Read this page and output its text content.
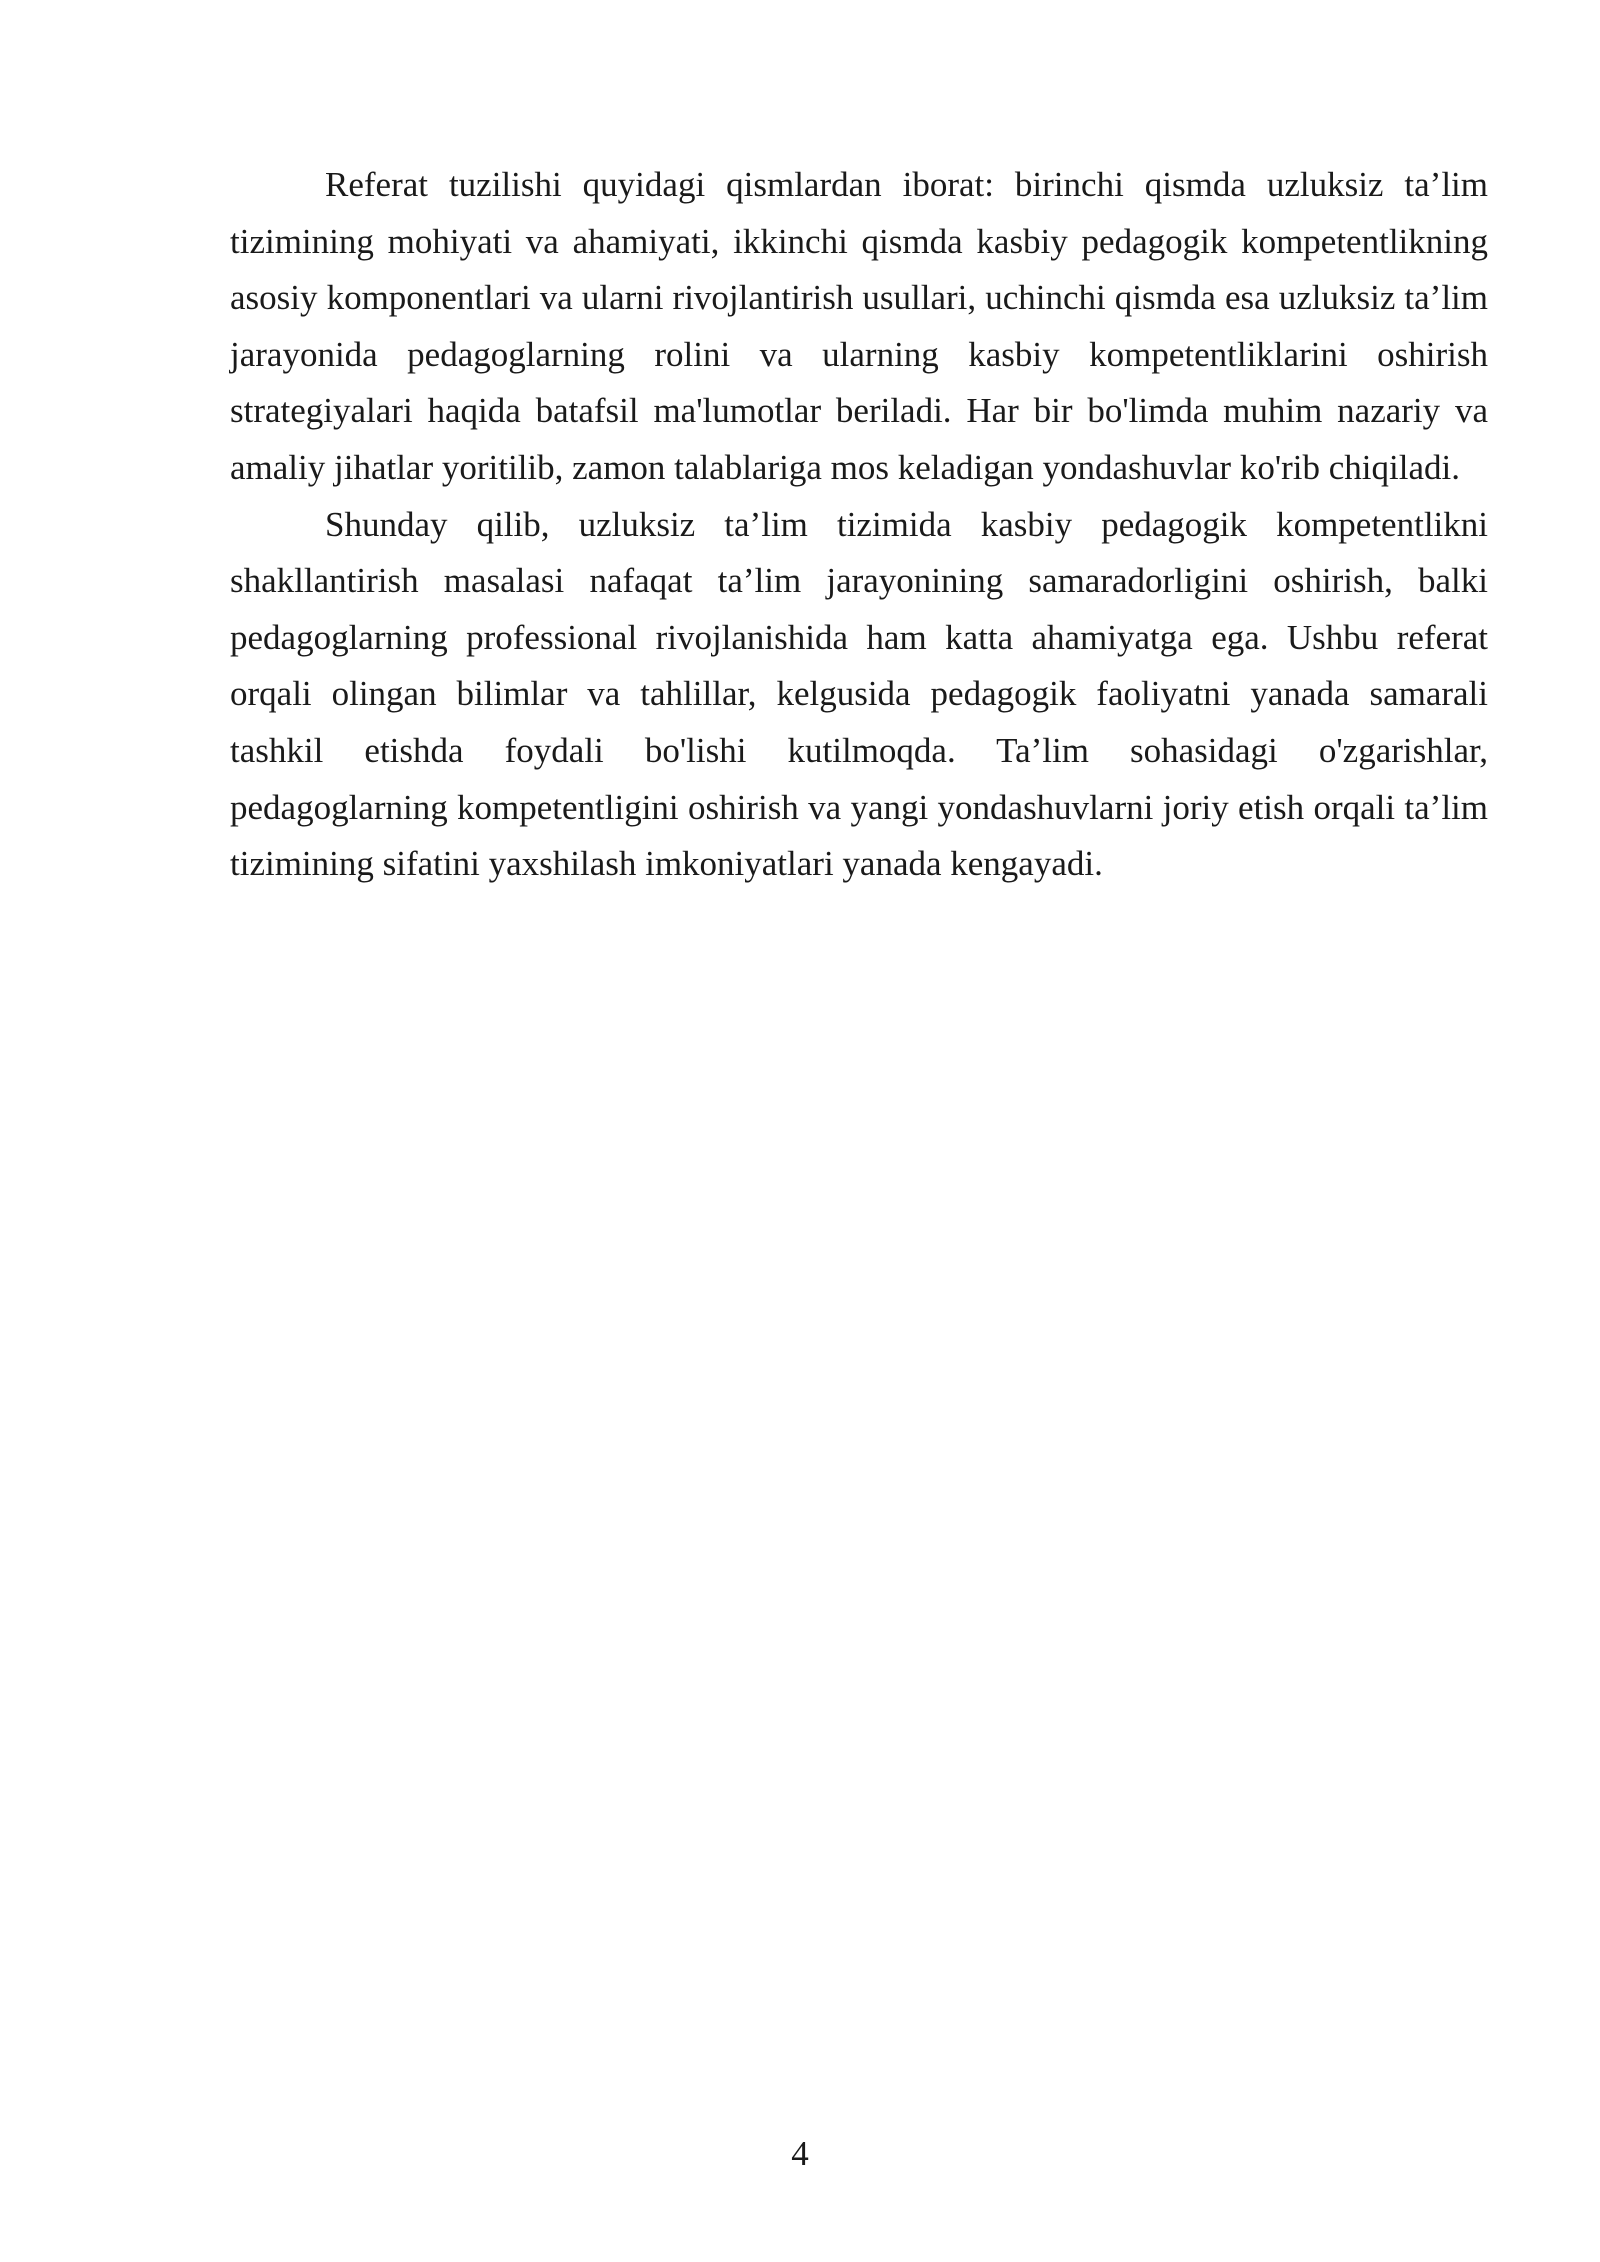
Referat tuzilishi quyidagi qismlardan iborat: birinchi qismda uzluksiz ta’lim tizimining mohiyati va ahamiyati, ikkinchi qismda kasbiy pedagogik kompetentlikning asosiy komponentlari va ularni rivojlantirish usullari, uchinchi qismda esa uzluksiz ta’lim jarayonida pedagoglarning rolini va ularning kasbiy kompetentliklarini oshirish strategiyalari haqida batafsil ma'lumotlar beriladi. Har bir bo'limda muhim nazariy va amaliy jihatlar yoritilib, zamon talablariga mos keladigan yondashuvlar ko'rib chiqiladi.

Shunday qilib, uzluksiz ta’lim tizimida kasbiy pedagogik kompetentlikni shakllantirish masalasi nafaqat ta’lim jarayonining samaradorligini oshirish, balki pedagoglarning professional rivojlanishida ham katta ahamiyatga ega. Ushbu referat orqali olingan bilimlar va tahlillar, kelgusida pedagogik faoliyatni yanada samarali tashkil etishda foydali bo'lishi kutilmoqda. Ta’lim sohasidagi o'zgarishlar, pedagoglarning kompetentligini oshirish va yangi yondashuvlarni joriy etish orqali ta’lim tizimining sifatini yaxshilash imkoniyatlari yanada kengayadi.

4
